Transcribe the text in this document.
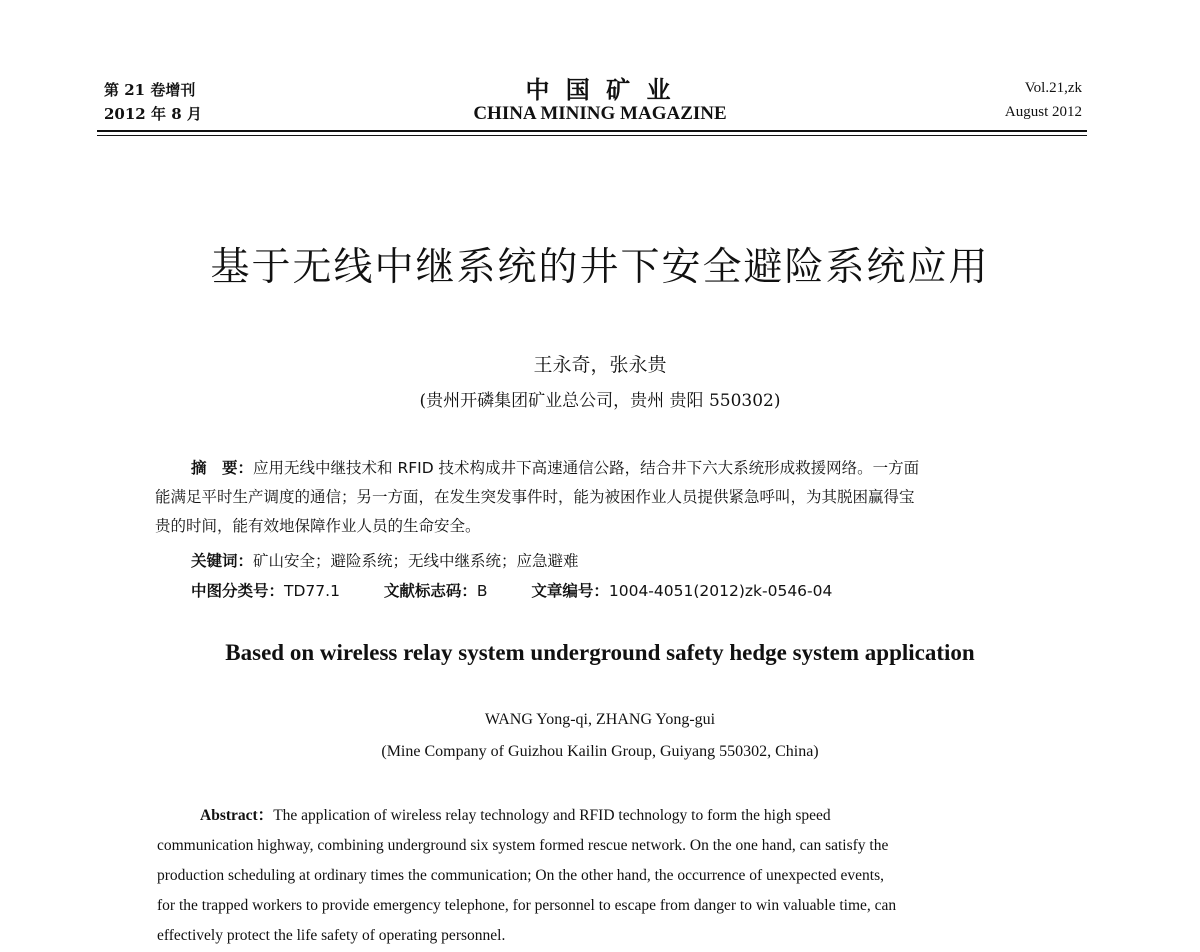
第 21 卷增刊
2012 年 8 月
中 国 矿 业
CHINA MINING MAGAZINE
Vol.21,zk
August 2012
基于无线中继系统的井下安全避险系统应用
王永奇，张永贵
(贵州开磷集团矿业总公司，贵州 贵阳 550302)
摘　要：应用无线中继技术和 RFID 技术构成井下高速通信公路，结合井下六大系统形成救援网络。一方面
能满足平时生产调度的通信；另一方面，在发生突发事件时，能为被困作业人员提供紧急呼叫，为其脱困赢得宝
贵的时间，能有效地保障作业人员的生命安全。
关键词：矿山安全；避险系统；无线中继系统；应急避难
中图分类号：TD77.1	文献标志码：B	文章编号：1004-4051(2012)zk-0546-04
Based on wireless relay system underground safety hedge system application
WANG Yong-qi, ZHANG Yong-gui
(Mine Company of Guizhou Kailin Group, Guiyang 550302, China)
Abstract：The application of wireless relay technology and RFID technology to form the high speed
communication highway, combining underground six system formed rescue network. On the one hand, can satisfy the
production scheduling at ordinary times the communication; On the other hand, the occurrence of unexpected events,
for the trapped workers to provide emergency telephone, for personnel to escape from danger to win valuable time, can
effectively protect the life safety of operating personnel.
